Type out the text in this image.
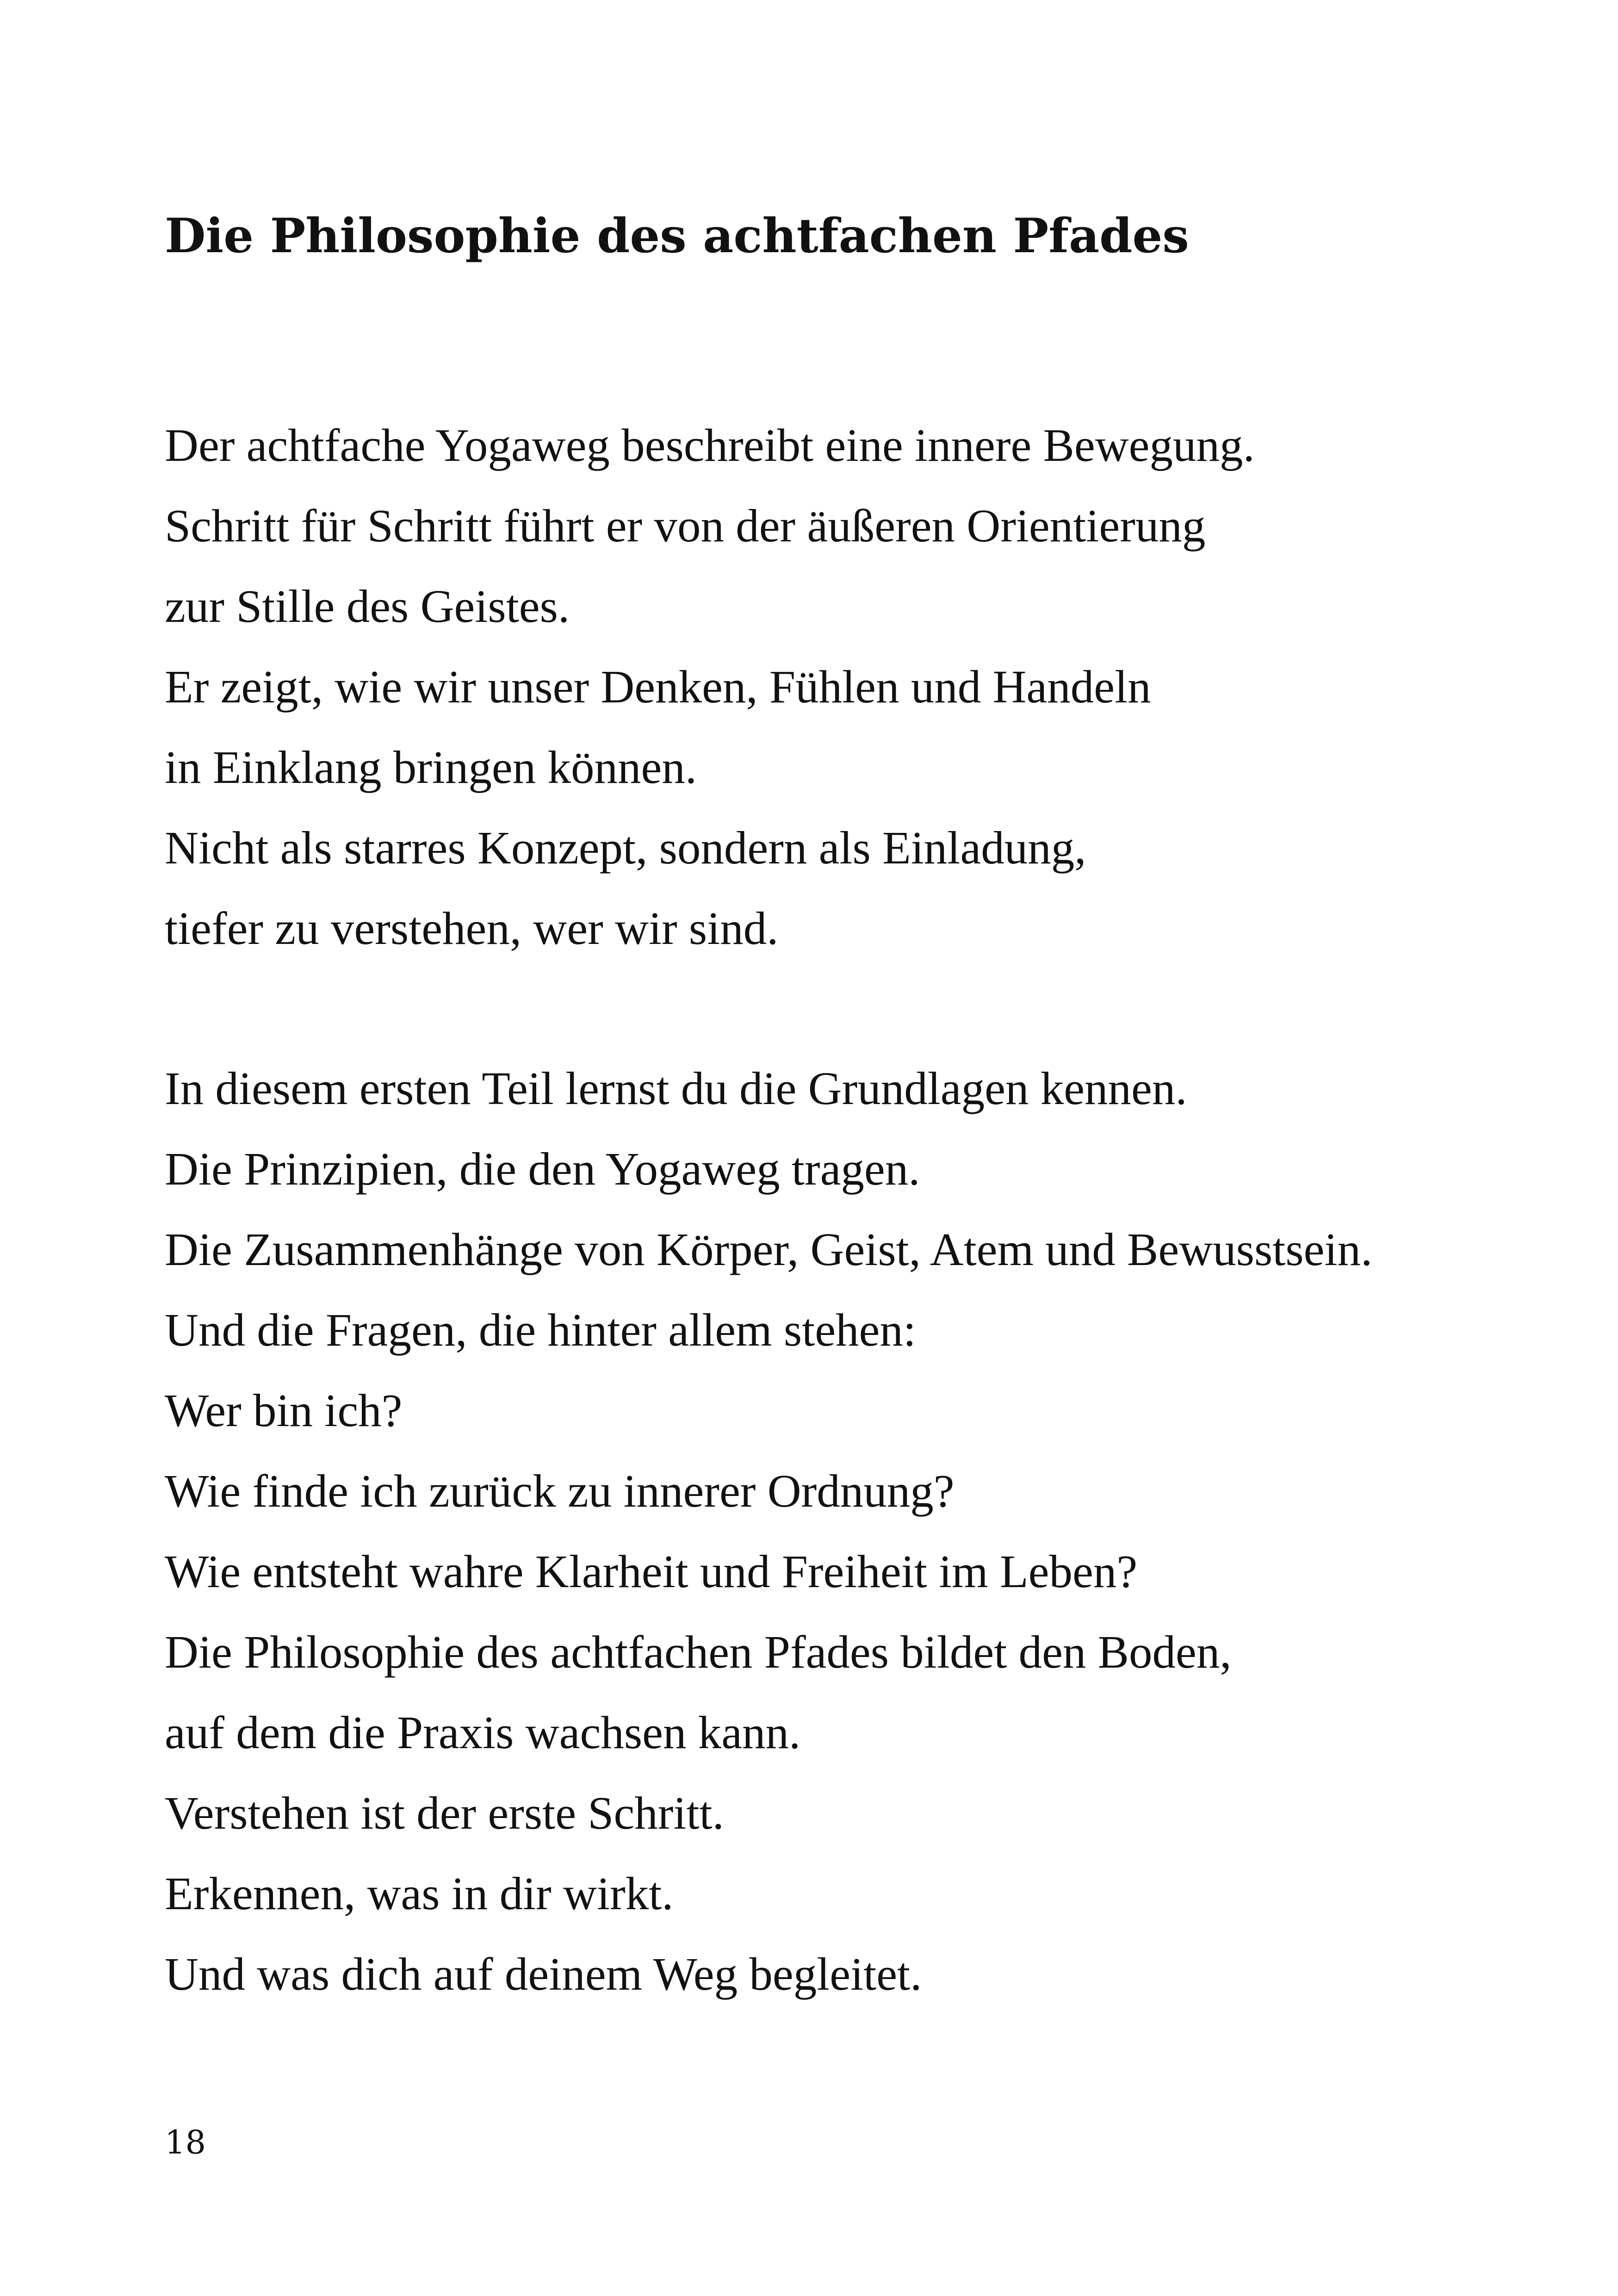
Die Philosophie des achtfachen Pfades
Der achtfache Yogaweg beschreibt eine innere Bewegung.
Schritt für Schritt führt er von der äußeren Orientierung
zur Stille des Geistes.
Er zeigt, wie wir unser Denken, Fühlen und Handeln
in Einklang bringen können.
Nicht als starres Konzept, sondern als Einladung,
tiefer zu verstehen, wer wir sind.
In diesem ersten Teil lernst du die Grundlagen kennen.
Die Prinzipien, die den Yogaweg tragen.
Die Zusammenhänge von Körper, Geist, Atem und Bewusstsein.
Und die Fragen, die hinter allem stehen:
Wer bin ich?
Wie finde ich zurück zu innerer Ordnung?
Wie entsteht wahre Klarheit und Freiheit im Leben?
Die Philosophie des achtfachen Pfades bildet den Boden,
auf dem die Praxis wachsen kann.
Verstehen ist der erste Schritt.
Erkennen, was in dir wirkt.
Und was dich auf deinem Weg begleitet.
18
